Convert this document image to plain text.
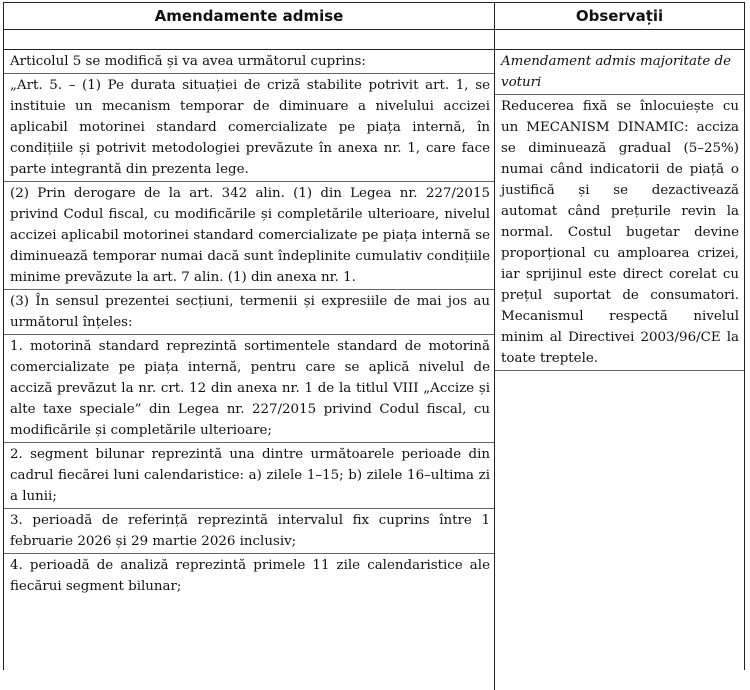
Amendamente admise	Observații
Articolul 5 se modifică și va avea următorul cuprins:
„Art. 5. – (1) Pe durata situației de criză stabilite potrivit art. 1, se instituie un mecanism temporar de diminuare a nivelului accizei aplicabil motorinei standard comercializate pe piața internă, în condițiile și potrivit metodologiei prevăzute în anexa nr. 1, care face parte integrantă din prezenta lege.
(2) Prin derogare de la art. 342 alin. (1) din Legea nr. 227/2015 privind Codul fiscal, cu modificările și completările ulterioare, nivelul accizei aplicabil motorinei standard comercializate pe piața internă se diminuează temporar numai dacă sunt îndeplinite cumulativ condițiile minime prevăzute la art. 7 alin. (1) din anexa nr. 1.
(3) În sensul prezentei secțiuni, termenii și expresiile de mai jos au următorul înțeles:
1. motorină standard reprezintă sortimentele standard de motorină comercializate pe piața internă, pentru care se aplică nivelul de acciză prevăzut la nr. crt. 12 din anexa nr. 1 de la titlul VIII „Accize și alte taxe speciale” din Legea nr. 227/2015 privind Codul fiscal, cu modificările și completările ulterioare;
2. segment bilunar reprezintă una dintre următoarele perioade din cadrul fiecărei luni calendaristice: a) zilele 1–15; b) zilele 16–ultima zi a lunii;
3. perioadă de referință reprezintă intervalul fix cuprins între 1 februarie 2026 și 29 martie 2026 inclusiv;
4. perioadă de analiză reprezintă primele 11 zile calendaristice ale fiecărui segment bilunar;
Amendament admis majoritate de voturi
Reducerea fixă se înlocuiește cu un MECANISM DINAMIC: acciza se diminuează gradual (5–25%) numai când indicatorii de piață o justifică și se dezactivează automat când prețurile revin la normal. Costul bugetar devine proporțional cu amploarea crizei, iar sprijinul este direct corelat cu prețul suportat de consumatori. Mecanismul respectă nivelul minim al Directivei 2003/96/CE la toate treptele.
